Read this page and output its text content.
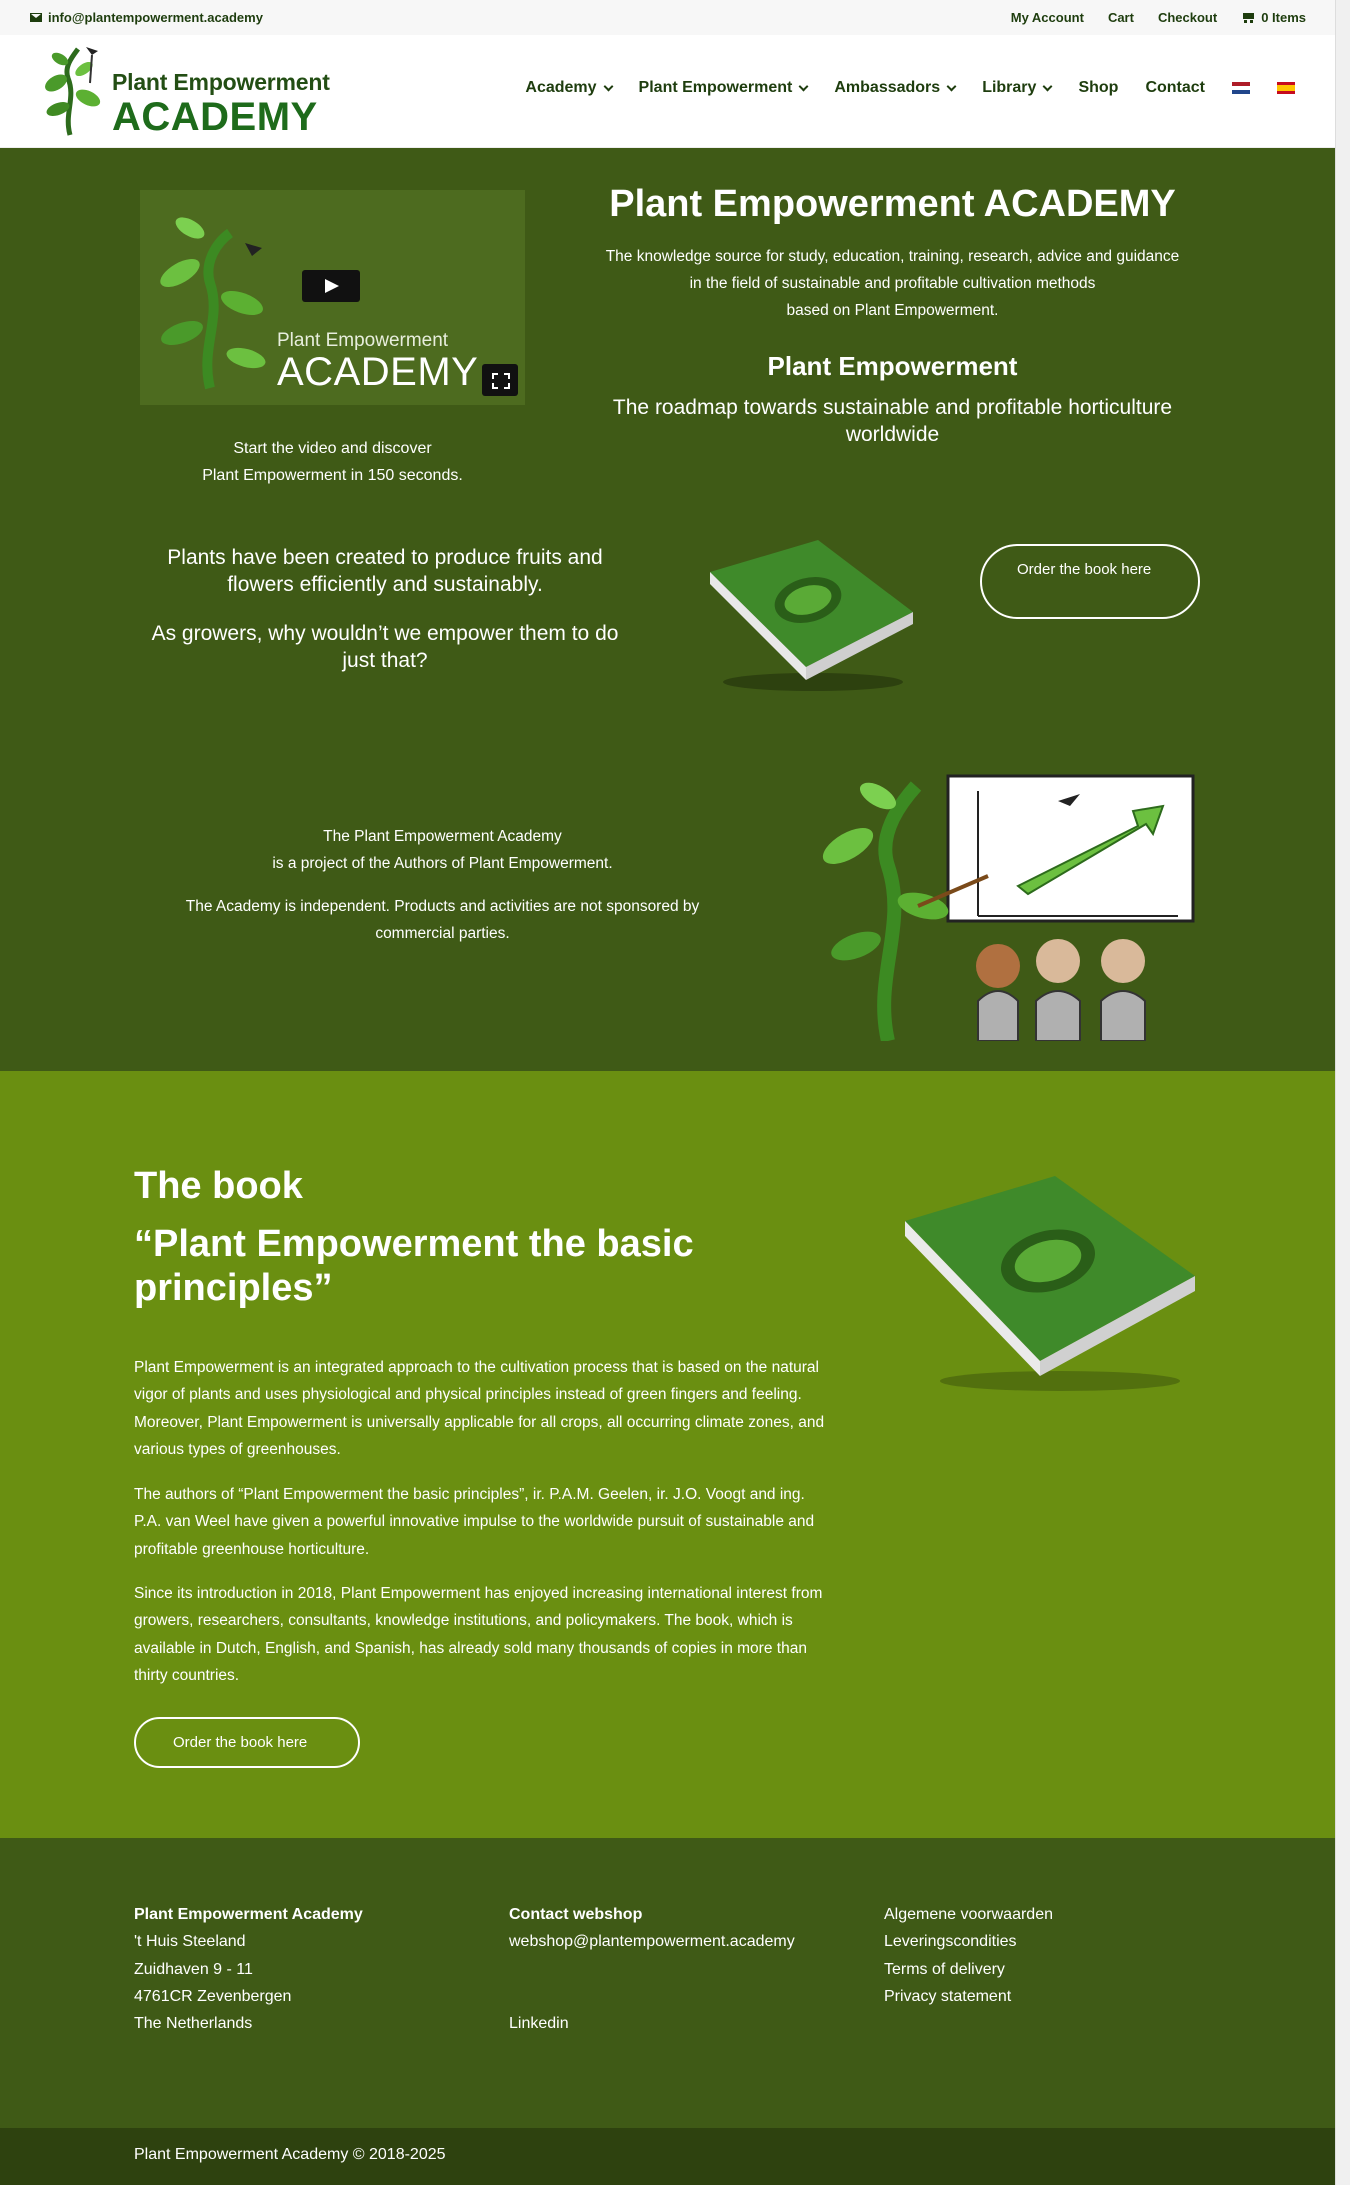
info@plantempowerment.academy	My Account Cart Checkout	0 Items
Plant Empowerment
ACADEMY
Academy	Plant Empowerment	Ambassadors	Library	Shop Contact
Plant Empowerment
ACADEMY
Start the video and discover
Plant Empowerment in 150 seconds.
Plant Empowerment ACADEMY
The knowledge source for study, education, training, research, advice and guidance
in the field of sustainable and profitable cultivation methods
based on Plant Empowerment.
Plant Empowerment
The roadmap towards sustainable and profitable horticulture worldwide
Plants have been created to produce fruits and flowers efficiently and sustainably.
As growers, why wouldn’t we empower them to do just that?
Order the book here
The Plant Empowerment Academy
is a project of the Authors of Plant Empowerment.
The Academy is independent. Products and activities are not sponsored by commercial parties.
The book
“Plant Empowerment the basic principles”
Plant Empowerment is an integrated approach to the cultivation process that is based on the natural vigor of plants and uses physiological and physical principles instead of green fingers and feeling. Moreover, Plant Empowerment is universally applicable for all crops, all occurring climate zones, and various types of greenhouses.
The authors of “Plant Empowerment the basic principles”, ir. P.A.M. Geelen, ir. J.O. Voogt and ing. P.A. van Weel have given a powerful innovative impulse to the worldwide pursuit of sustainable and profitable greenhouse horticulture.
Since its introduction in 2018, Plant Empowerment has enjoyed increasing international interest from growers, researchers, consultants, knowledge institutions, and policymakers. The book, which is available in Dutch, English, and Spanish, has already sold many thousands of copies in more than thirty countries.
Order the book here
Plant Empowerment Academy
't Huis Steeland
Zuidhaven 9 - 11
4761CR Zevenbergen
The Netherlands
Contact webshop
webshop@plantempowerment.academy
Linkedin
Algemene voorwaarden
Leveringscondities
Terms of delivery
Privacy statement
Plant Empowerment Academy © 2018-2025
